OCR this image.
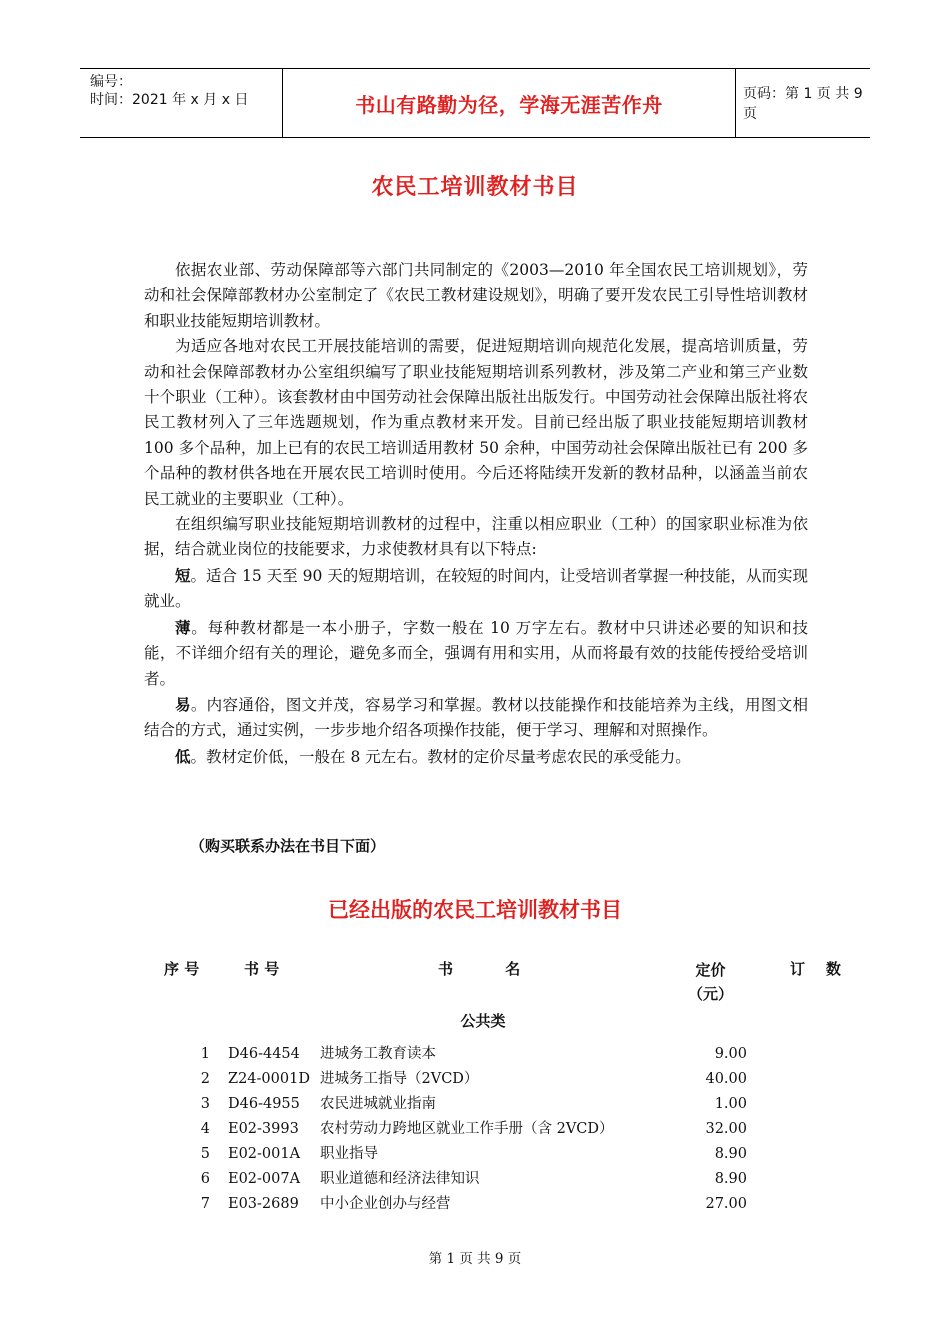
编号：
时间：2021 年 x 月 x 日	书山有路勤为径，学海无涯苦作舟	页码：第 1 页 共 9 页
农民工培训教材书目

依据农业部、劳动保障部等六部门共同制定的《2003—2010 年全国农民工培训规划》，劳动和社会保障部教材办公室制定了《农民工教材建设规划》，明确了要开发农民工引导性培训教材和职业技能短期培训教材。

为适应各地对农民工开展技能培训的需要，促进短期培训向规范化发展，提高培训质量，劳动和社会保障部教材办公室组织编写了职业技能短期培训系列教材，涉及第二产业和第三产业数十个职业（工种）。该套教材由中国劳动社会保障出版社出版发行。中国劳动社会保障出版社将农民工教材列入了三年选题规划，作为重点教材来开发。目前已经出版了职业技能短期培训教材 100 多个品种，加上已有的农民工培训适用教材 50 余种，中国劳动社会保障出版社已有 200 多个品种的教材供各地在开展农民工培训时使用。今后还将陆续开发新的教材品种，以涵盖当前农民工就业的主要职业（工种）。

在组织编写职业技能短期培训教材的过程中，注重以相应职业（工种）的国家职业标准为依据，结合就业岗位的技能要求，力求使教材具有以下特点:

短。适合 15 天至 90 天的短期培训，在较短的时间内，让受培训者掌握一种技能，从而实现就业。

薄。每种教材都是一本小册子，字数一般在 10 万字左右。教材中只讲述必要的知识和技能，不详细介绍有关的理论，避免多而全，强调有用和实用，从而将最有效的技能传授给受培训者。

易。内容通俗，图文并茂，容易学习和掌握。教材以技能操作和技能培养为主线，用图文相结合的方式，通过实例，一步步地介绍各项操作技能，便于学习、理解和对照操作。

低。教材定价低，一般在 8 元左右。教材的定价尽量考虑农民的承受能力。

（购买联系办法在书目下面）
已经出版的农民工培训教材书目
序 号	书 号	书          名	定价
（元）
订    数
公共类
1 D46-4454	进城务工教育读本	9.00
2 Z24-0001D 进城务工指导（2VCD）	40.00
3 D46-4955	农民进城就业指南	1.00
4 E02-3993	农村劳动力跨地区就业工作手册（含 2VCD）	32.00
5 E02-001A	职业指导	8.90
6 E02-007A	职业道德和经济法律知识	8.90
7 E03-2689	中小企业创办与经营	27.00
第 1 页 共 9 页
